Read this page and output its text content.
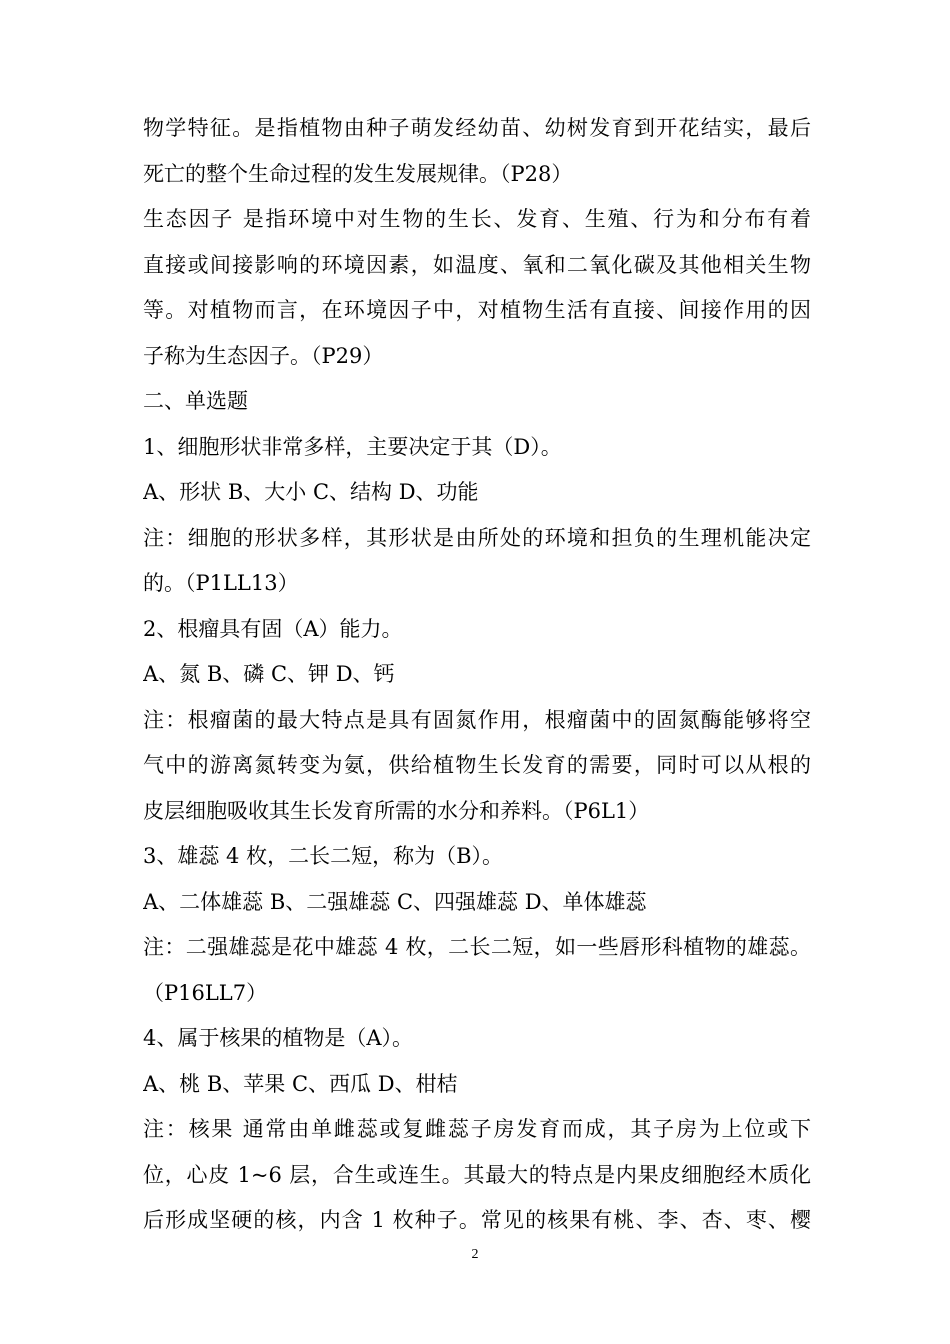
物学特征。是指植物由种子萌发经幼苗、幼树发育到开花结实，最后
死亡的整个生命过程的发生发展规律。（P28）
生态因子 是指环境中对生物的生长、发育、生殖、行为和分布有着
直接或间接影响的环境因素，如温度、氧和二氧化碳及其他相关生物
等。对植物而言，在环境因子中，对植物生活有直接、间接作用的因
子称为生态因子。（P29）
二、单选题
1、细胞形状非常多样，主要决定于其（D）。
A、形状 B、大小 C、结构 D、功能
注：细胞的形状多样，其形状是由所处的环境和担负的生理机能决定
的。（P1LL13）
2、根瘤具有固（A）能力。
A、氮 B、磷 C、钾 D、钙
注：根瘤菌的最大特点是具有固氮作用，根瘤菌中的固氮酶能够将空
气中的游离氮转变为氨，供给植物生长发育的需要，同时可以从根的
皮层细胞吸收其生长发育所需的水分和养料。（P6L1）
3、雄蕊 4 枚，二长二短，称为（B）。
A、二体雄蕊 B、二强雄蕊 C、四强雄蕊 D、单体雄蕊
注：二强雄蕊是花中雄蕊 4 枚，二长二短，如一些唇形科植物的雄蕊。
（P16LL7）
4、属于核果的植物是（A）。
A、桃 B、苹果 C、西瓜 D、柑桔
注：核果 通常由单雌蕊或复雌蕊子房发育而成，其子房为上位或下
位，心皮 1~6 层，合生或连生。其最大的特点是内果皮细胞经木质化
后形成坚硬的核，内含 1 枚种子。常见的核果有桃、李、杏、枣、樱
2
